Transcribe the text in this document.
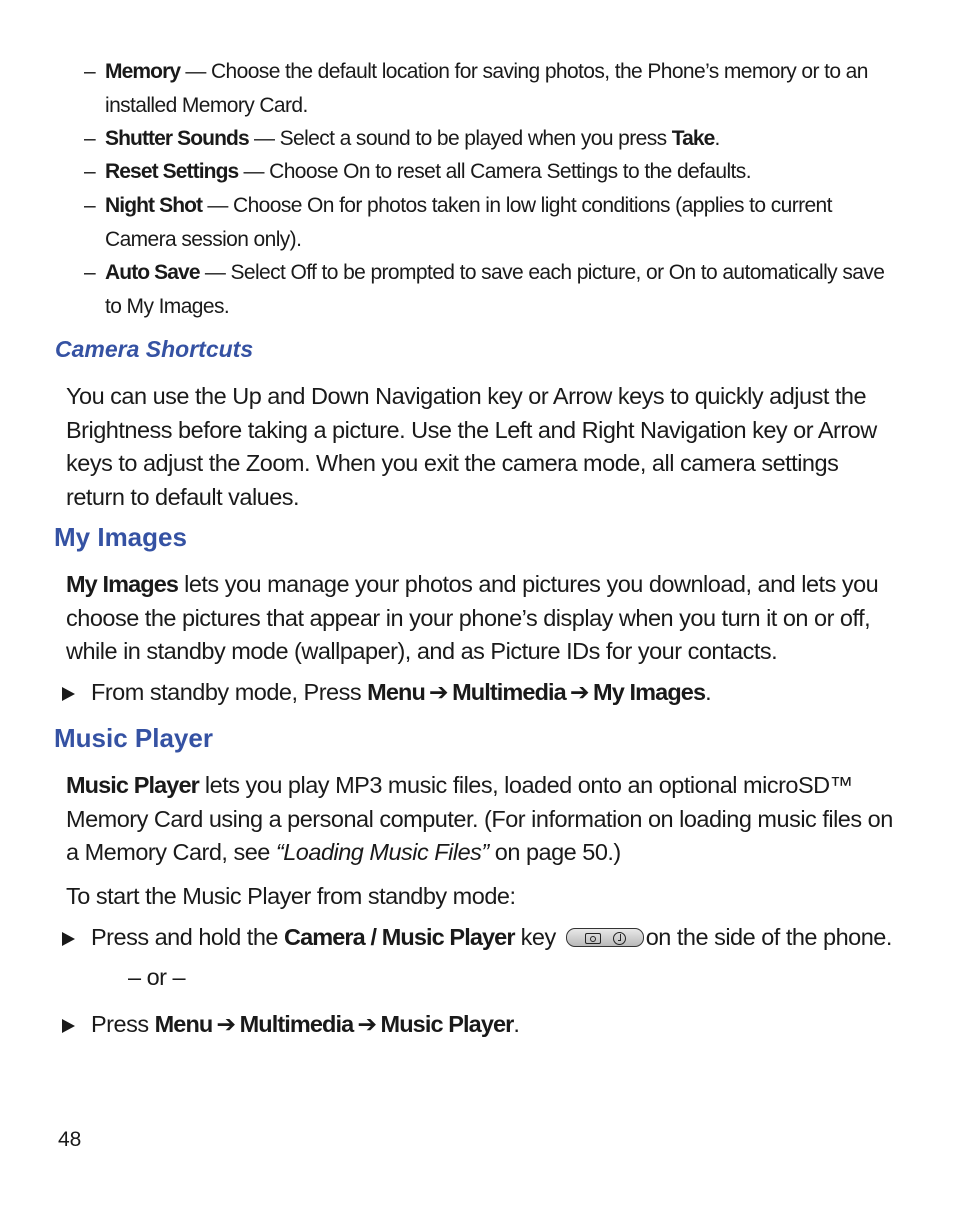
– Memory — Choose the default location for saving photos, the Phone’s memory or to an installed Memory Card.
– Shutter Sounds — Select a sound to be played when you press Take.
– Reset Settings — Choose On to reset all Camera Settings to the defaults.
– Night Shot — Choose On for photos taken in low light conditions (applies to current Camera session only).
– Auto Save — Select Off to be prompted to save each picture, or On to automatically save to My Images.
Camera Shortcuts
You can use the Up and Down Navigation key or Arrow keys to quickly adjust the Brightness before taking a picture. Use the Left and Right Navigation key or Arrow keys to adjust the Zoom. When you exit the camera mode, all camera settings return to default values.
My Images
My Images lets you manage your photos and pictures you download, and lets you choose the pictures that appear in your phone’s display when you turn it on or off, while in standby mode (wallpaper), and as Picture IDs for your contacts.
From standby mode, Press Menu ➔ Multimedia ➔ My Images.
Music Player
Music Player lets you play MP3 music files, loaded onto an optional microSD™ Memory Card using a personal computer. (For information on loading music files on a Memory Card, see “Loading Music Files” on page 50.)
To start the Music Player from standby mode:
Press and hold the Camera / Music Player key	on the side of the phone.
– or –
Press Menu ➔ Multimedia ➔ Music Player.
48
